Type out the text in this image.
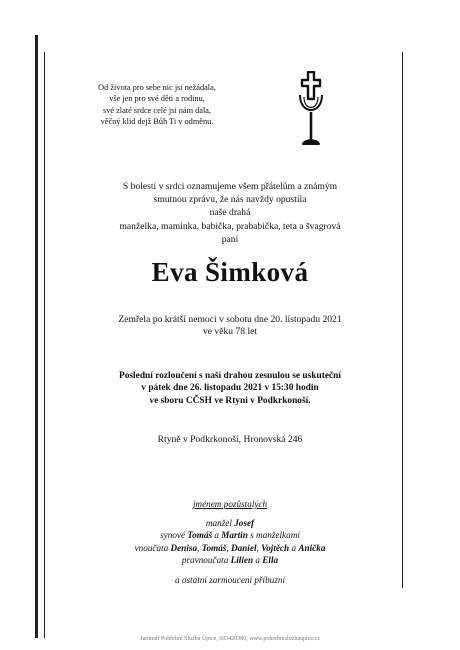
Od života pro sebe nic jsi nežádala,
vše jen pro své děti a rodinu,
své zlaté srdce celé jsi nám dala,
věčný klid dejž Bůh Ti v odměnu.
S bolestí v srdci oznamujeme všem přátelům a známým
smutnou zprávu, že nás navždy opustila
naše drahá
manželka, maminka, babička, prababička, teta a švagrová
paní
Eva Šimková
Zemřela po krátší nemoci v sobotu dne 20. listopadu 2021
ve věku 78 let
Poslední rozloučení s naší drahou zesnulou se uskuteční
v pátek dne 26. listopadu 2021 v 15:30 hodin
ve sboru CČSH ve Rtyni v Podkrkonoší.
Rtyně v Podkrkonoší, Hronovská 246
jménem pozůstalých
manžel Josef
synové Tomáš a Martin s manželkami
vnoučata Denisa, Tomáš, Daniel, Vojtěch a Anička
pravnoučata Lilien a Ella
a ostatní zarmoucení příbuzní
Jaroměř Pohřební Služba Úpice, 603420380, www.pohrebnisluzbaupice.cz
